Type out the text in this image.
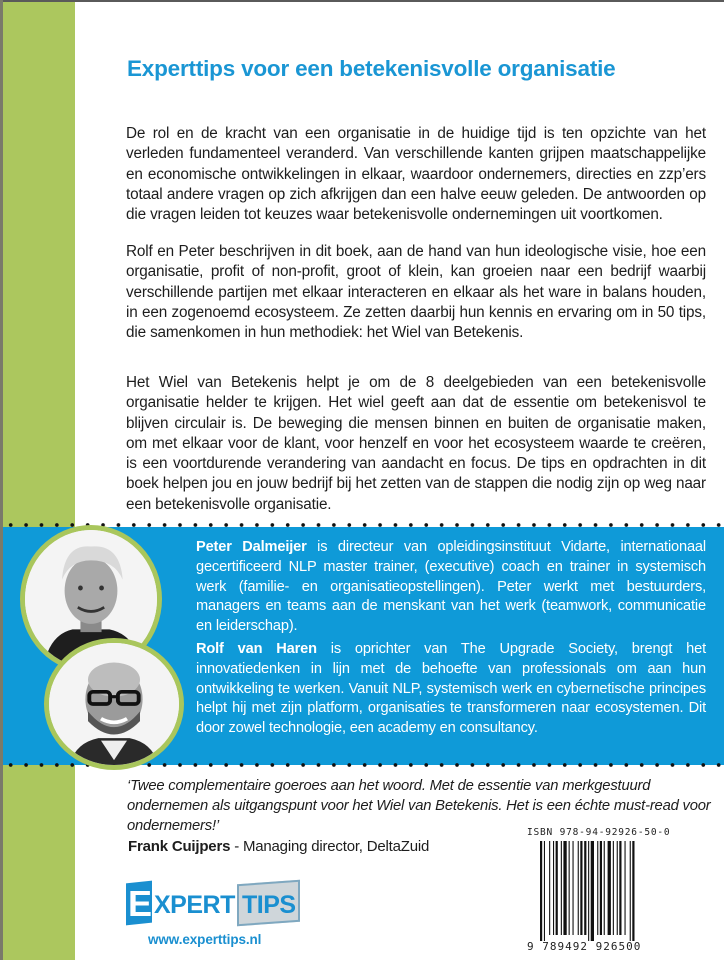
Experttips voor een betekenisvolle organisatie

De rol en de kracht van een organisatie in de huidige tijd is ten opzichte van het verleden fundamenteel veranderd. Van verschillende kanten grijpen maatschappelijke en economische ontwikkelingen in elkaar, waardoor ondernemers, directies en zzp’ers totaal andere vragen op zich afkrijgen dan een halve eeuw geleden. De antwoorden op die vragen leiden tot keuzes waar betekenisvolle ondernemingen uit voortkomen.

Rolf en Peter beschrijven in dit boek, aan de hand van hun ideologische visie, hoe een organisatie, profit of non-profit, groot of klein, kan groeien naar een bedrijf waarbij verschillende partijen met elkaar interacteren en elkaar als het ware in balans houden, in een zogenoemd ecosysteem. Ze zetten daarbij hun kennis en ervaring om in 50 tips, die samenkomen in hun methodiek: het Wiel van Betekenis.

Het Wiel van Betekenis helpt je om de 8 deelgebieden van een betekenisvolle organisatie helder te krijgen. Het wiel geeft aan dat de essentie om betekenisvol te blijven circulair is. De beweging die mensen binnen en buiten de organisatie maken, om met elkaar voor de klant, voor henzelf en voor het ecosysteem waarde te creëren, is een voortdurende verandering van aandacht en focus. De tips en opdrachten in dit boek helpen jou en jouw bedrijf bij het zetten van de stappen die nodig zijn op weg naar een betekenisvolle organisatie.

Peter Dalmeijer is directeur van opleidingsinstituut Vidarte, internationaal gecertificeerd NLP master trainer, (executive) coach en trainer in systemisch werk (familie- en organisatieopstellingen). Peter werkt met bestuurders, managers en teams aan de menskant van het werk (teamwork, communicatie en leiderschap).

Rolf van Haren is oprichter van The Upgrade Society, brengt het innovatiedenken in lijn met de behoefte van professionals om aan hun ontwikkeling te werken. Vanuit NLP, systemisch werk en cybernetische principes helpt hij met zijn platform, organisaties te transformeren naar ecosystemen. Dit door zowel technologie, een academy en consultancy.

‘Twee complementaire goeroes aan het woord. Met de essentie van merkgestuurd ondernemen als uitgangspunt voor het Wiel van Betekenis. Het is een échte must-read voor ondernemers!’

Frank Cuijpers - Managing director, DeltaZuid

E XPERT TIPS
www.experttips.nl
ISBN 978-94-92926-50-0
9 789492 926500
